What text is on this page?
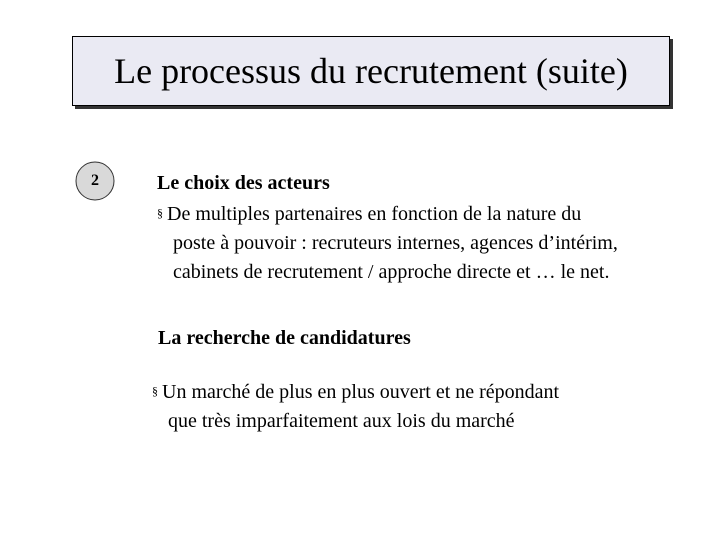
Le processus du recrutement (suite)
2	Le choix des acteurs
§ De multiples partenaires en fonction de la nature du
poste à pouvoir : recruteurs internes, agences d’intérim,
cabinets de recrutement / approche directe et … le net.
La recherche de candidatures
§ Un marché de plus en plus ouvert et ne répondant
que très imparfaitement aux lois du marché
